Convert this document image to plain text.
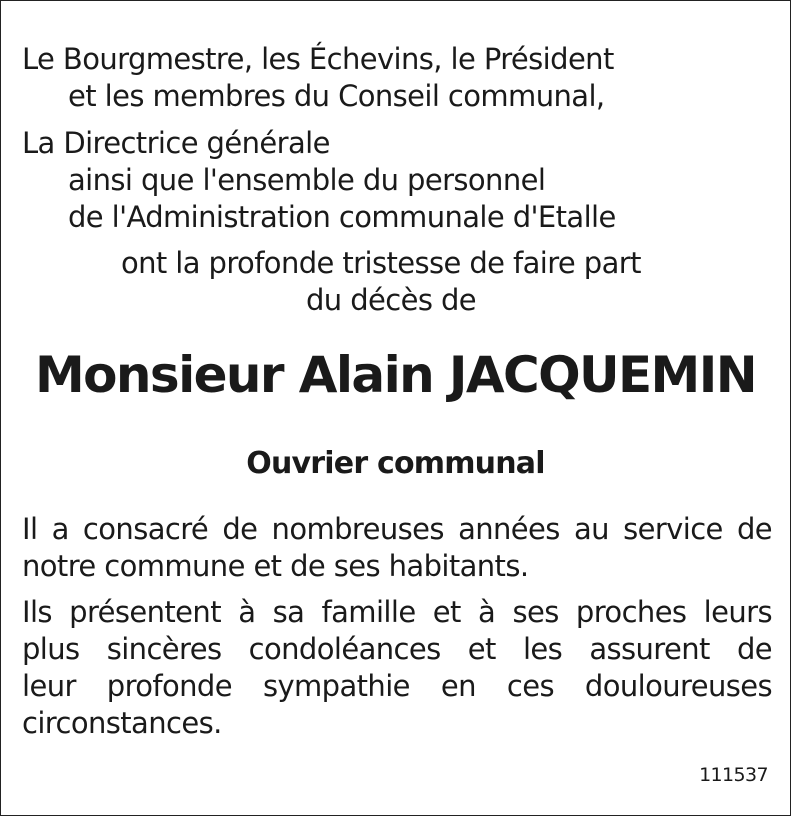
Le Bourgmestre, les Échevins, le Président
et les membres du Conseil communal,
La Directrice générale
ainsi que l'ensemble du personnel
de l'Administration communale d'Etalle
ont la profonde tristesse de faire part
du décès de
Monsieur Alain JACQUEMIN
Ouvrier communal
Il a consacré de nombreuses années au service de
notre commune et de ses habitants.
Ils présentent à sa famille et à ses proches leurs
plus sincères condoléances et les assurent de
leur profonde sympathie en ces douloureuses
circonstances.
111537
